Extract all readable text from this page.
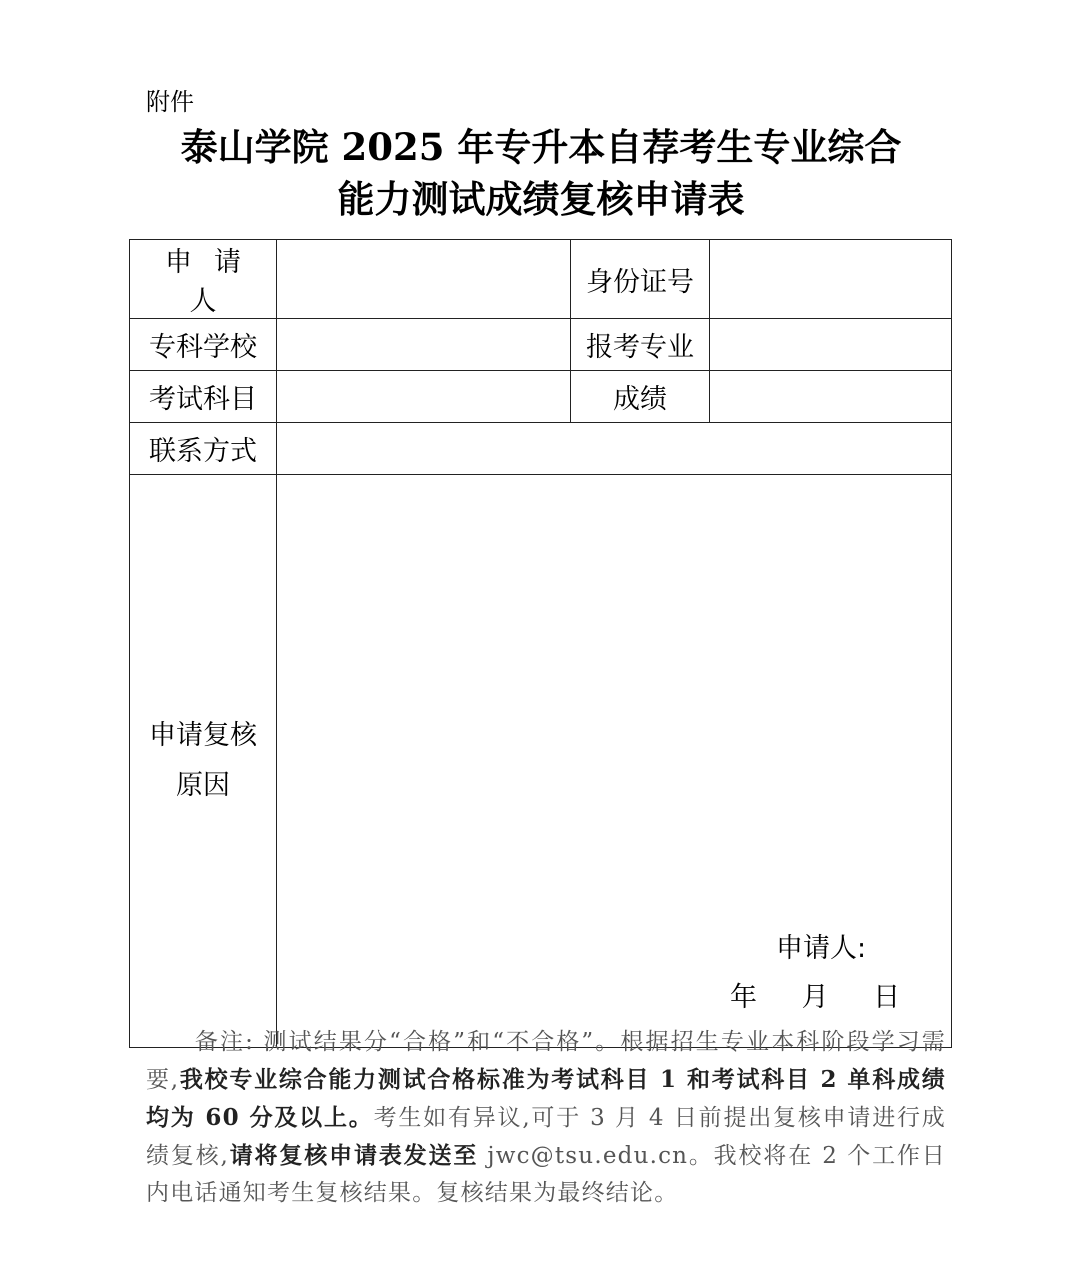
附件
泰山学院 2025 年专升本自荐考生专业综合
能力测试成绩复核申请表
申请人		身份证号	
专科学校		报考专业	
考试科目		成绩	
联系方式			

申请复核
原因			

申请人:
年 月 日
备注: 测试结果分“合格”和“不合格”。根据招生专业本科阶段学习需要,我校专业综合能力测试合格标准为考试科目 1 和考试科目 2 单科成绩均为 60 分及以上。考生如有异议,可于 3 月 4 日前提出复核申请进行成绩复核,请将复核申请表发送至 jwc@tsu.edu.cn。我校将在 2 个工作日内电话通知考生复核结果。复核结果为最终结论。
